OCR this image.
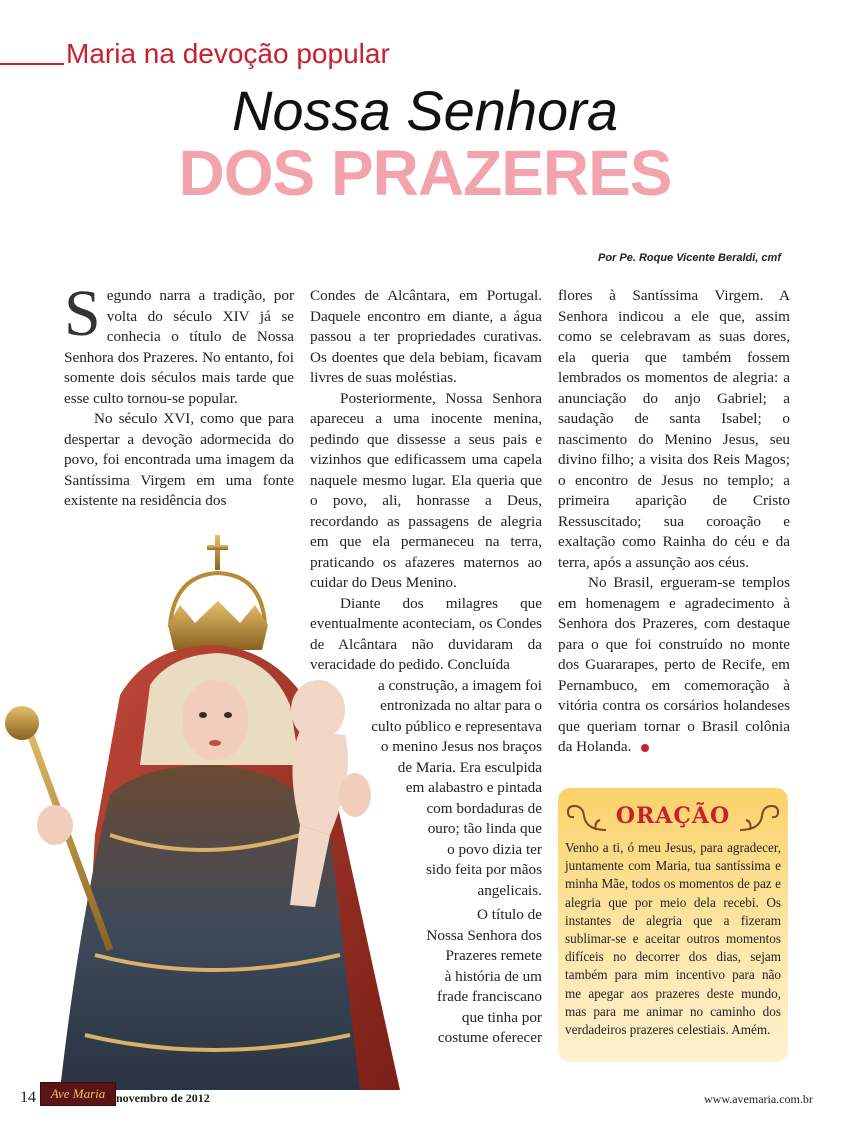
Maria na devoção popular
Nossa Senhora
DOS PRAZERES
Por Pe. Roque Vicente Beraldi, cmf

Segundo narra a tradição, por volta do século XIV já se conhecia o título de Nossa Senhora dos Prazeres. No entanto, foi somente dois séculos mais tarde que esse culto tornou-se popular.

No século XVI, como que para despertar a devoção adormecida do povo, foi encontrada uma imagem da Santíssima Virgem em uma fonte existente na residência dos

Condes de Alcântara, em Portugal. Daquele encontro em diante, a água passou a ter propriedades curativas. Os doentes que dela bebiam, ficavam livres de suas moléstias.

Posteriormente, Nossa Senhora apareceu a uma inocente menina, pedindo que dissesse a seus pais e vizinhos que edificassem uma capela naquele mesmo lugar. Ela queria que o povo, ali, honrasse a Deus, recordando as passagens de alegria em que ela permaneceu na terra, praticando os afazeres maternos ao cuidar do Deus Menino.

Diante dos milagres que eventualmente aconteciam, os Condes de Alcântara não duvidaram da veracidade do pedido. Concluída

a construção, a imagem foi
entronizada no altar para o
culto público e representava
o menino Jesus nos braços
de Maria. Era esculpida
em alabastro e pintada
com bordaduras de
ouro; tão linda que
o povo dizia ter
sido feita por mãos
angelicais.
O título de
Nossa Senhora dos
Prazeres remete
à história de um
frade franciscano
que tinha por
costume oferecer

flores à Santíssima Virgem. A Senhora indicou a ele que, assim como se celebravam as suas dores, ela queria que também fossem lembrados os momentos de alegria: a anunciação do anjo Gabriel; a saudação de santa Isabel; o nascimento do Menino Jesus, seu divino filho; a visita dos Reis Magos; o encontro de Jesus no templo; a primeira aparição de Cristo Ressuscitado; sua coroação e exaltação como Rainha do céu e da terra, após a assunção aos céus.

No Brasil, ergueram-se templos em homenagem e agradecimento à Senhora dos Prazeres, com destaque para o que foi construído no monte dos Guararapes, perto de Recife, em Pernambuco, em comemoração à vitória contra os corsários holandeses que queriam tornar o Brasil colônia da Holanda.

ORAÇÃO
Venho a ti, ó meu Jesus, para agradecer, juntamente com Maria, tua santíssima e minha Mãe, todos os momentos de paz e alegria que por meio dela recebi. Os instantes de alegria que a fizeram sublimar-se e aceitar outros momentos difíceis no decorrer dos dias, sejam também para mim incentivo para não me apegar aos prazeres deste mundo, mas para me animar no caminho dos verdadeiros prazeres celestiais. Amém.
14	Ave Maria novembro de 2012	www.avemaria.com.br
